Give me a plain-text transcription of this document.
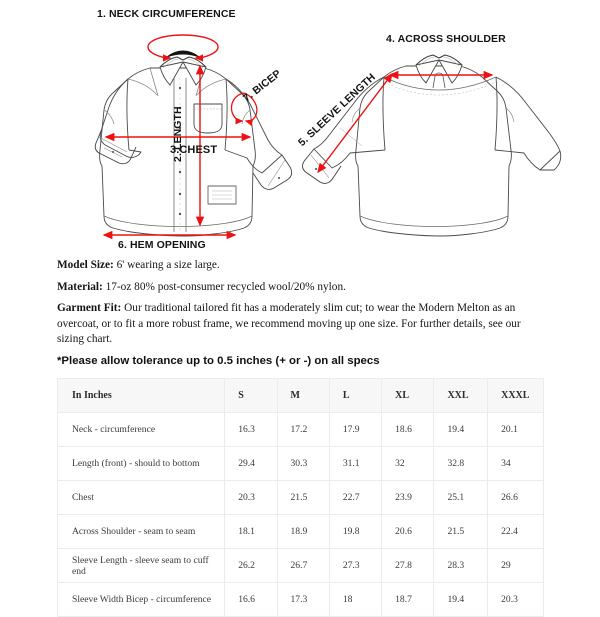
1. NECK CIRCUMFERENCE
4. ACROSS SHOULDER
3.CHEST
6. HEM OPENING
2. LENGTH
7. BICEP 5. SLEEVE LENGTH

Model Size: 6' wearing a size large.

Material: 17-oz 80% post-consumer recycled wool/20% nylon.

Garment Fit: Our traditional tailored fit has a moderately slim cut; to wear the Modern Melton as an overcoat, or to fit a more robust frame, we recommend moving up one size. For further details, see our sizing chart.

*Please allow tolerance up to 0.5 inches (+ or -) on all specs

In Inches	S	M	L	XL	XXL	XXXL
Neck - circumference	16.3	17.2	17.9	18.6	19.4	20.1
Length (front) - should to bottom	29.4	30.3	31.1	32	32.8	34
Chest	20.3	21.5	22.7	23.9	25.1	26.6
Across Shoulder - seam to seam	18.1	18.9	19.8	20.6	21.5	22.4
Sleeve Length - sleeve seam to cuff end	26.2	26.7	27.3	27.8	28.3	29
Sleeve Width Bicep - circumference	16.6	17.3	18	18.7	19.4	20.3
